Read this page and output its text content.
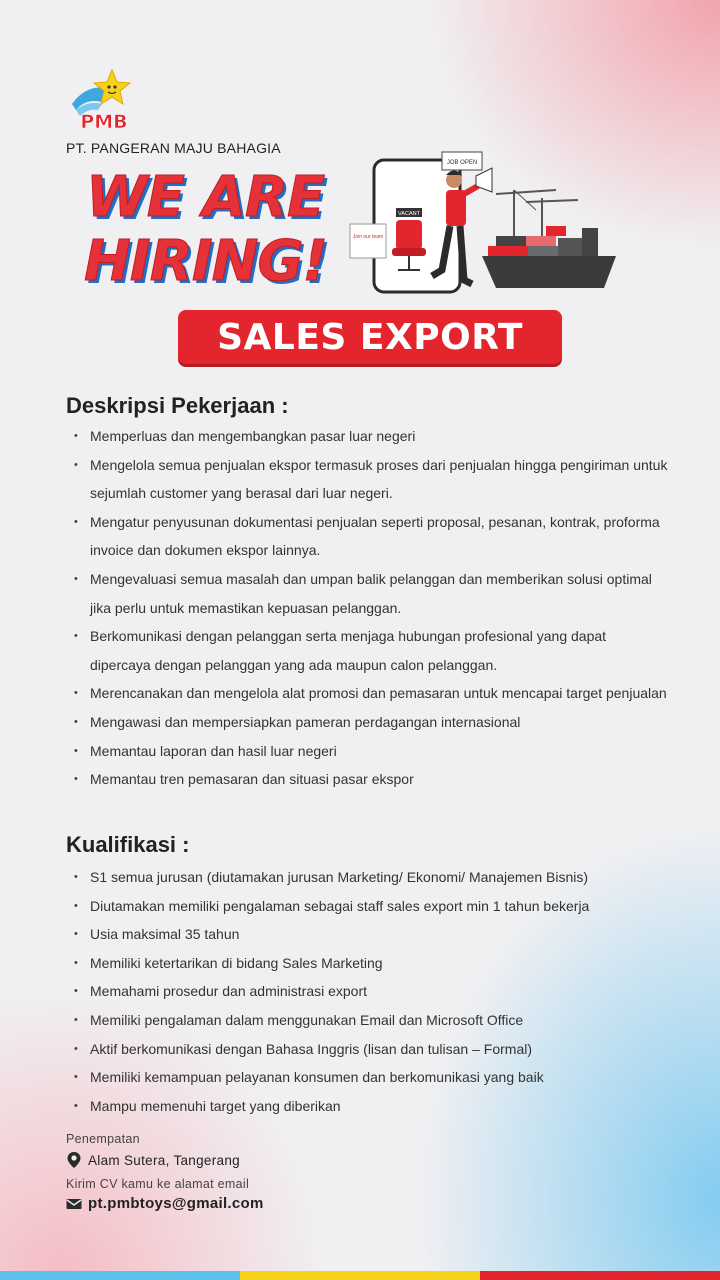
PMB
PT. PANGERAN MAJU BAHAGIA
WE ARE
HIRING!
JOB OPEN
Join our team
VACANT
SALES EXPORT
Deskripsi Pekerjaan :
• Memperluas dan mengembangkan pasar luar negeri
• Mengelola semua penjualan ekspor termasuk proses dari penjualan hingga pengiriman untuk sejumlah customer yang berasal dari luar negeri.
• Mengatur penyusunan dokumentasi penjualan seperti proposal, pesanan, kontrak, proforma invoice dan dokumen ekspor lainnya.
• Mengevaluasi semua masalah dan umpan balik pelanggan dan memberikan solusi optimal jika perlu untuk memastikan kepuasan pelanggan.
• Berkomunikasi dengan pelanggan serta menjaga hubungan profesional yang dapat dipercaya dengan pelanggan yang ada maupun calon pelanggan.
• Merencanakan dan mengelola alat promosi dan pemasaran untuk mencapai target penjualan
• Mengawasi dan mempersiapkan pameran perdagangan internasional
• Memantau laporan dan hasil luar negeri
• Memantau tren pemasaran dan situasi pasar ekspor
Kualifikasi :
• S1 semua jurusan (diutamakan jurusan Marketing/ Ekonomi/ Manajemen Bisnis)
• Diutamakan memiliki pengalaman sebagai staff sales export min 1 tahun bekerja
• Usia maksimal 35 tahun
• Memiliki ketertarikan di bidang Sales Marketing
• Memahami prosedur dan administrasi export
• Memiliki pengalaman dalam menggunakan Email dan Microsoft Office
• Aktif berkomunikasi dengan Bahasa Inggris (lisan dan tulisan – Formal)
• Memiliki kemampuan pelayanan konsumen dan berkomunikasi yang baik
• Mampu memenuhi target yang diberikan
Penempatan
Alam Sutera, Tangerang
Kirim CV kamu ke alamat email
pt.pmbtoys@gmail.com
